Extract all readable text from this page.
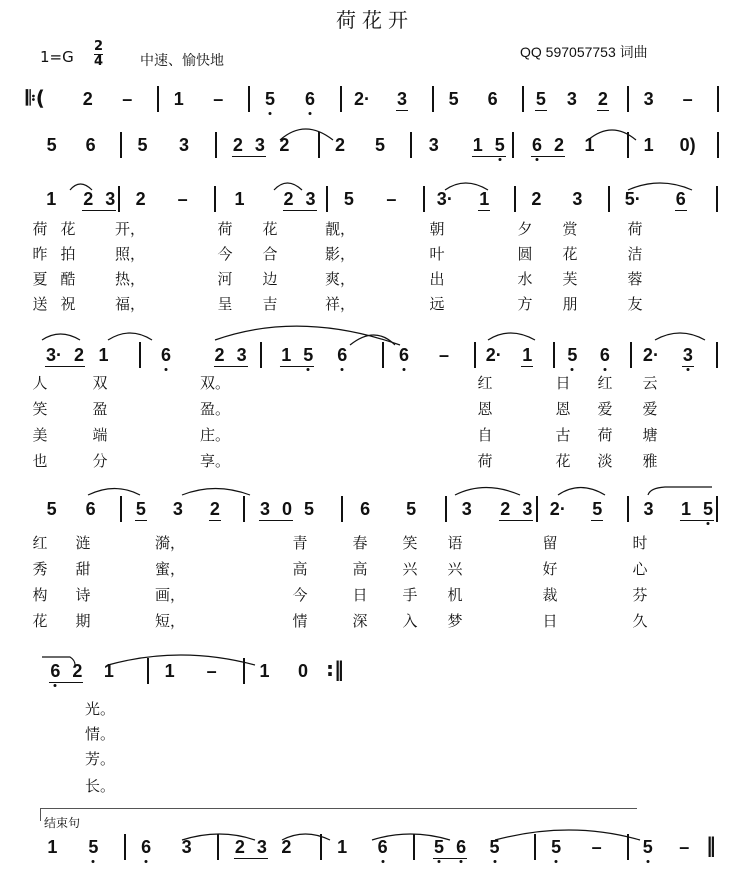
荷花开
1=G
2
4	中速、愉快地
QQ 597057753 词曲
结束句
𝄆( 2 – 1 – 5 6 2· 3 5 6 5 3 2 3 –
5 6 5 3 2 3 2	2 5 3 1 5 6 2 1	1 0)
1 2 3 2 –	1 2 3 5 – 3· 1 2 3 5· 6
3· 2 1	6 2 3 1 5 6	6 – 2· 1 5 6 2· 3
5 6 5 3 2 3 0 5	6 5	3 2 3 2· 5 3 1 5
:‖
6 2 1	1 – 1 0
‖
1 5 6 3 2 3 2	1 6	5 6 5	5 – 5 –
荷 花	开，	荷 花	靓，	朝	夕 赏	荷
昨 拍	照，	今 合	影，	叶	圆 花	洁
夏 酷	热，	河 边	爽，	出	水 芙	蓉
送 祝	福，	呈 吉	祥，	远	方 朋	友
人	双	双。	红	日 红 云
笑	盈	盈。	恩	恩 爱 爱
美	端	庄。	自	古 荷 塘
也	分	享。	荷	花 淡 雅
红 涟	漪，	青	春 笑 语	留	时
秀 甜	蜜，	高	高 兴 兴	好	心
构 诗	画，	今	日 手 机	裁	芬
花 期	短，	情	深 入 梦	日	久
光。
情。
芳。
长。
